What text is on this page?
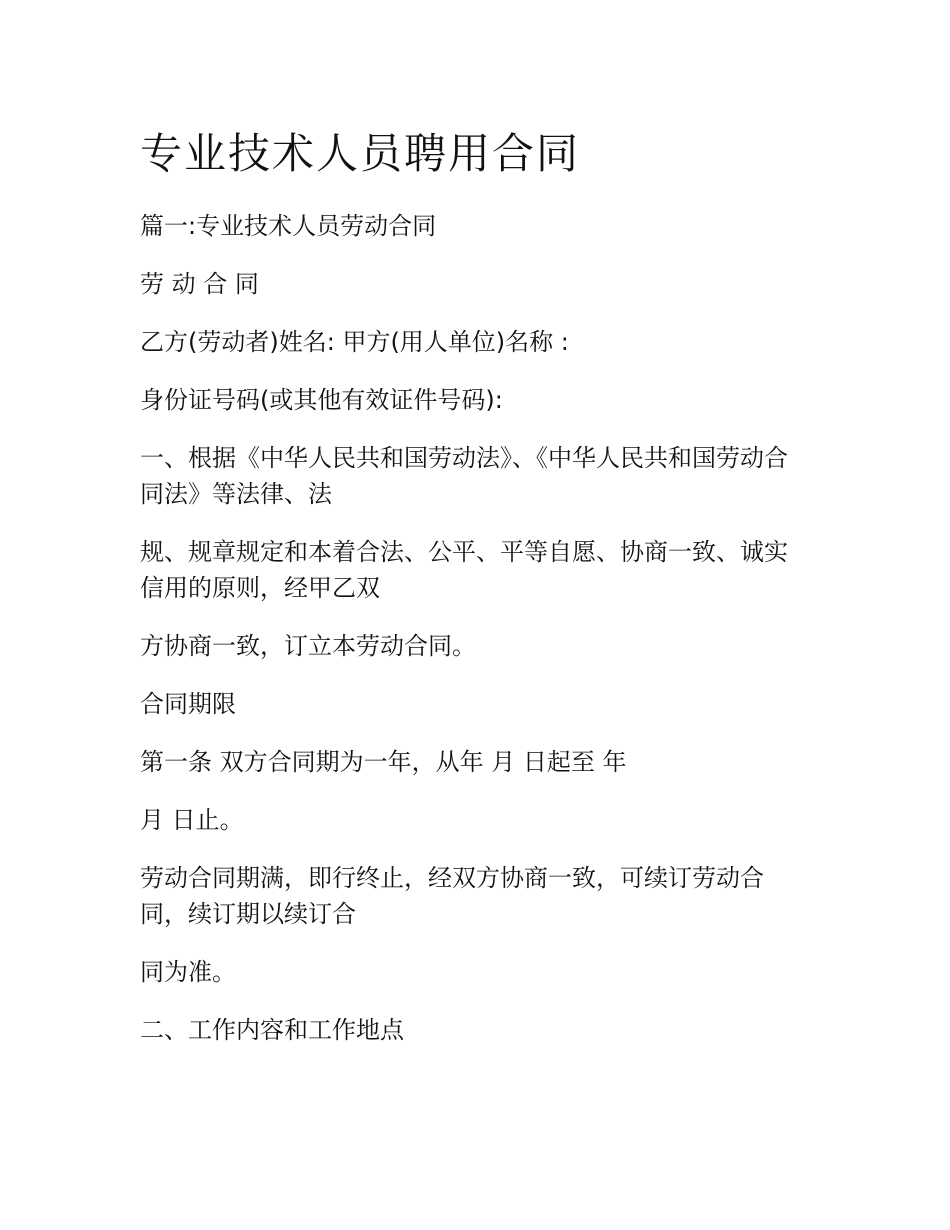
专业技术人员聘用合同

篇一:专业技术人员劳动合同

劳 动 合 同

乙方(劳动者)姓名: 甲方(用人单位)名称 :

身份证号码(或其他有效证件号码):

一、根据《中华人民共和国劳动法》、《中华人民共和国劳动合同法》等法律、法

规、规章规定和本着合法、公平、平等自愿、协商一致、诚实信用的原则，经甲乙双

方协商一致，订立本劳动合同。

合同期限

第一条 双方合同期为一年，从年 月 日起至 年

月 日止。

劳动合同期满，即行终止，经双方协商一致，可续订劳动合同，续订期以续订合

同为准。

二、工作内容和工作地点
